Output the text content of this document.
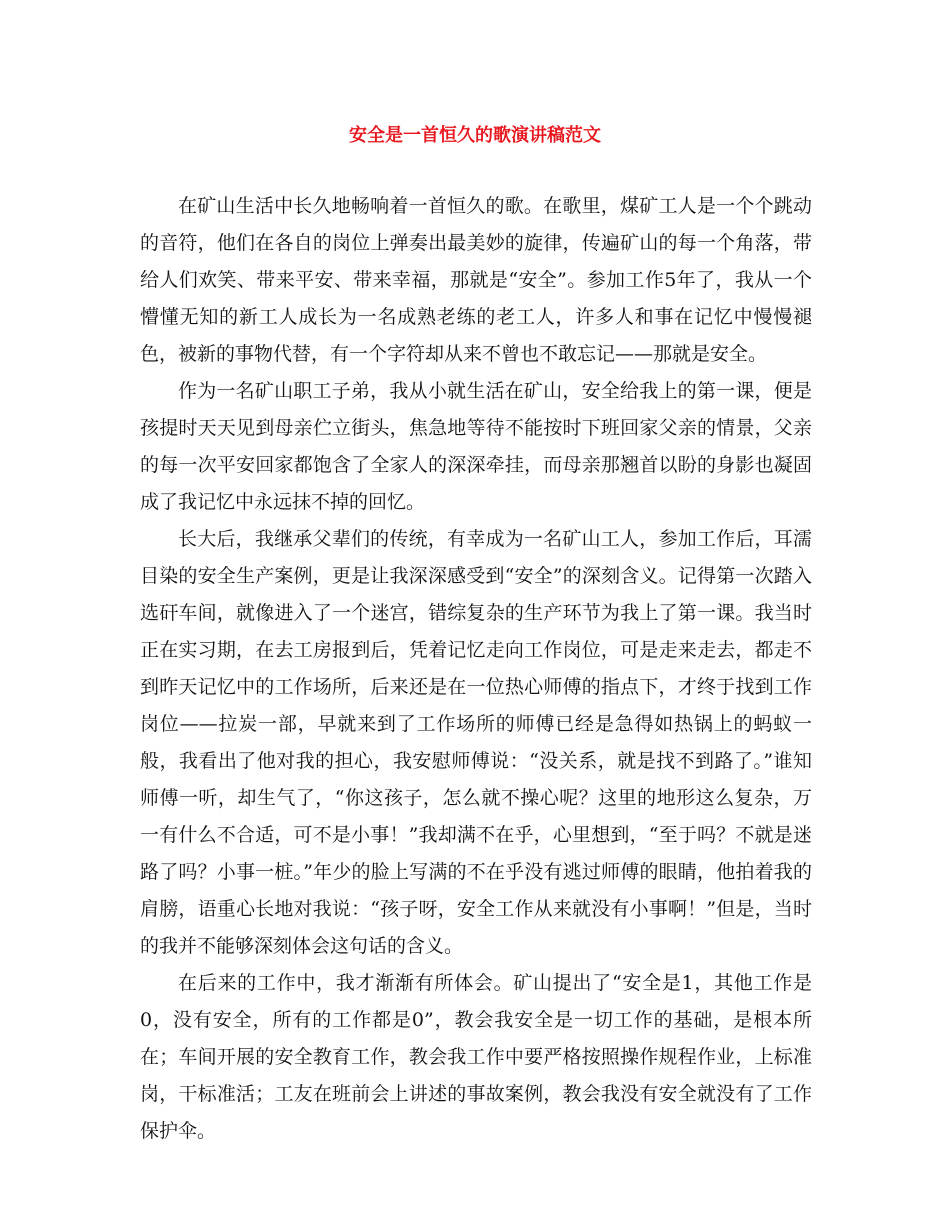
安全是一首恒久的歌演讲稿范文

在矿山生活中长久地畅响着一首恒久的歌。在歌里，煤矿工人是一个个跳动的音符，他们在各自的岗位上弹奏出最美妙的旋律，传遍矿山的每一个角落，带给人们欢笑、带来平安、带来幸福，那就是“安全”。参加工作5年了，我从一个懵懂无知的新工人成长为一名成熟老练的老工人，许多人和事在记忆中慢慢褪色，被新的事物代替，有一个字符却从来不曾也不敢忘记——那就是安全。

作为一名矿山职工子弟，我从小就生活在矿山，安全给我上的第一课，便是孩提时天天见到母亲伫立街头，焦急地等待不能按时下班回家父亲的情景，父亲的每一次平安回家都饱含了全家人的深深牵挂，而母亲那翘首以盼的身影也凝固成了我记忆中永远抹不掉的回忆。

长大后，我继承父辈们的传统，有幸成为一名矿山工人，参加工作后，耳濡目染的安全生产案例，更是让我深深感受到“安全”的深刻含义。记得第一次踏入选矸车间，就像进入了一个迷宫，错综复杂的生产环节为我上了第一课。我当时正在实习期，在去工房报到后，凭着记忆走向工作岗位，可是走来走去，都走不到昨天记忆中的工作场所，后来还是在一位热心师傅的指点下，才终于找到工作岗位——拉炭一部，早就来到了工作场所的师傅已经是急得如热锅上的蚂蚁一般，我看出了他对我的担心，我安慰师傅说：“没关系，就是找不到路了。”谁知师傅一听，却生气了，“你这孩子，怎么就不操心呢？这里的地形这么复杂，万一有什么不合适，可不是小事！”我却满不在乎，心里想到，“至于吗？不就是迷路了吗？小事一桩。”年少的脸上写满的不在乎没有逃过师傅的眼睛，他拍着我的肩膀，语重心长地对我说：“孩子呀，安全工作从来就没有小事啊！”但是，当时的我并不能够深刻体会这句话的含义。

在后来的工作中，我才渐渐有所体会。矿山提出了“安全是1，其他工作是0，没有安全，所有的工作都是0”，教会我安全是一切工作的基础，是根本所在；车间开展的安全教育工作，教会我工作中要严格按照操作规程作业，上标准岗，干标准活；工友在班前会上讲述的事故案例，教会我没有安全就没有了工作保护伞。
